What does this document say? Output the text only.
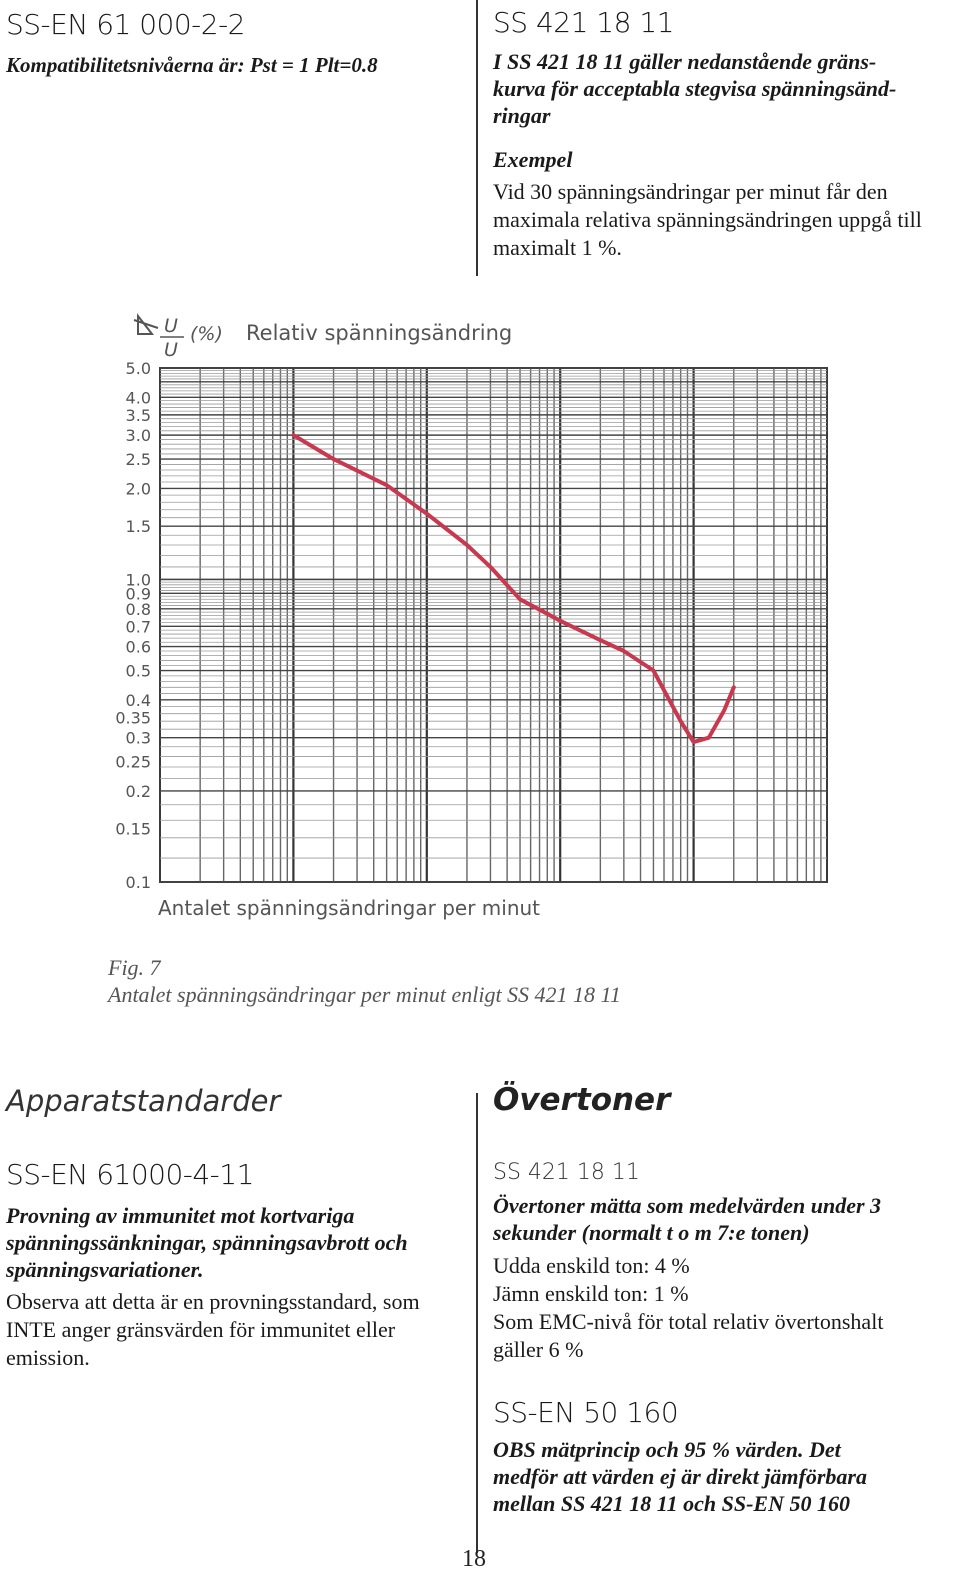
SS-EN 61 000-2-2
Kompatibilitetsnivåerna är: Pst = 1 Plt=0.8
SS 421 18 11
I SS 421 18 11 gäller nedanstående gräns-
kurva för acceptabla stegvisa spänningsänd-
ringar
Exempel
Vid 30 spänningsändringar per minut får den
maximala relativa spänningsändringen uppgå till
maximalt 1 %.
U
U
(%) Relativ spänningsändring
5.0
4.0
3.5
3.0
2.5
2.0
1.5
1.0
0.9
0.8
0.7
0.6
0.5
0.4
0.35
0.3
0.25
0.2
0.15
0.1
Antalet spänningsändringar per minut
Fig. 7
Antalet spänningsändringar per minut enligt SS 421 18 11
Apparatstandarder
SS-EN 61000-4-11
Provning av immunitet mot kortvariga
spänningssänkningar, spänningsavbrott och
spänningsvariationer.
Observa att detta är en provningsstandard, som
INTE anger gränsvärden för immunitet eller
emission.
Övertoner
SS 421 18 11
Övertoner mätta som medelvärden under 3
sekunder (normalt t o m 7:e tonen)
Udda enskild ton: 4 %
Jämn enskild ton: 1 %
Som EMC-nivå för total relativ övertonshalt
gäller 6 %
SS-EN 50 160
OBS mätprincip och 95 % värden. Det
medför att värden ej är direkt jämförbara
mellan SS 421 18 11 och SS-EN 50 160
18
